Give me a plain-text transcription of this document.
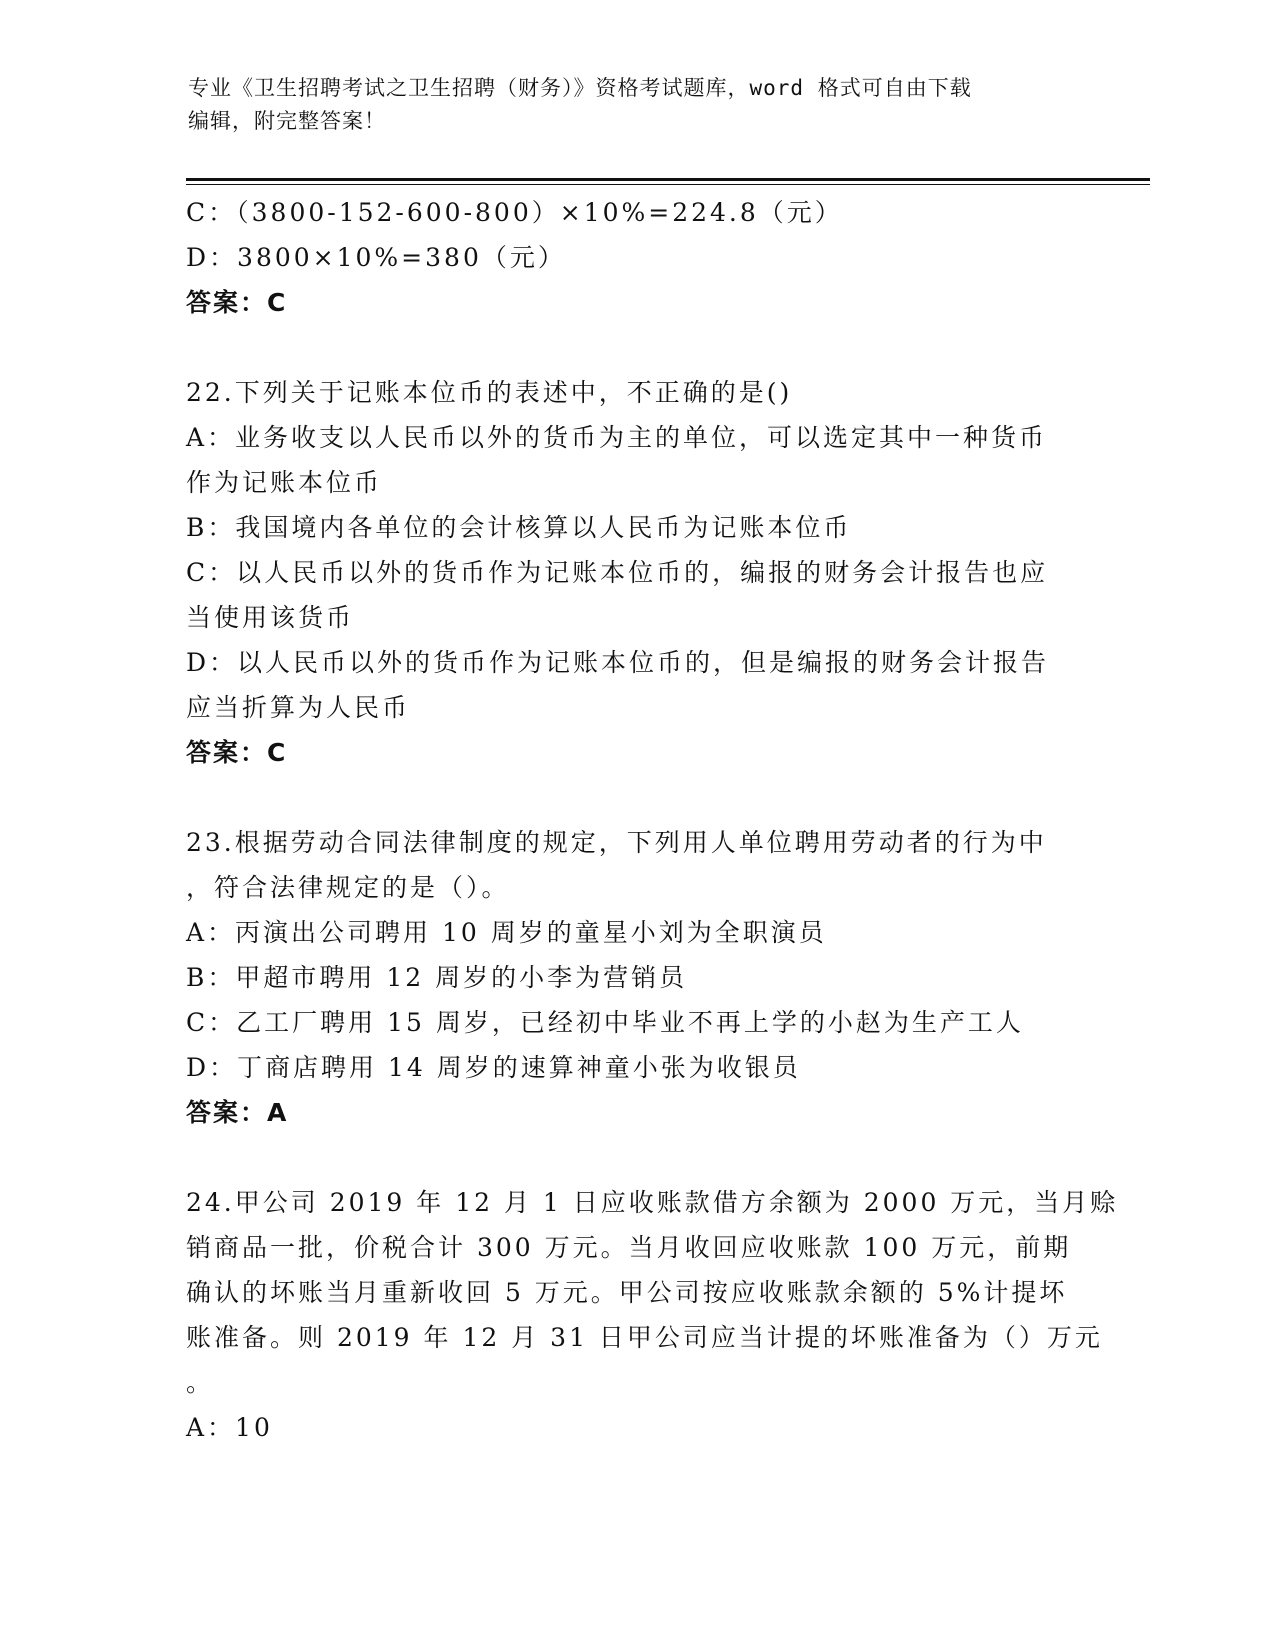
专业《卫生招聘考试之卫生招聘（财务）》资格考试题库，word 格式可自由下载
编辑，附完整答案！
C：（3800-152-600-800）×10%=224.8（元）
D：3800×10%=380（元）
答案：C
22.下列关于记账本位币的表述中，不正确的是()
A：业务收支以人民币以外的货币为主的单位，可以选定其中一种货币
作为记账本位币
B：我国境内各单位的会计核算以人民币为记账本位币
C：以人民币以外的货币作为记账本位币的，编报的财务会计报告也应
当使用该货币
D：以人民币以外的货币作为记账本位币的，但是编报的财务会计报告
应当折算为人民币
答案：C
23.根据劳动合同法律制度的规定，下列用人单位聘用劳动者的行为中
，符合法律规定的是（）。
A：丙演出公司聘用 10 周岁的童星小刘为全职演员
B：甲超市聘用 12 周岁的小李为营销员
C：乙工厂聘用 15 周岁，已经初中毕业不再上学的小赵为生产工人
D：丁商店聘用 14 周岁的速算神童小张为收银员
答案：A
24.甲公司 2019 年 12 月 1 日应收账款借方余额为 2000 万元，当月赊
销商品一批，价税合计 300 万元。当月收回应收账款 100 万元，前期
确认的坏账当月重新收回 5 万元。甲公司按应收账款余额的 5%计提坏
账准备。则 2019 年 12 月 31 日甲公司应当计提的坏账准备为（）万元
。
A：10
